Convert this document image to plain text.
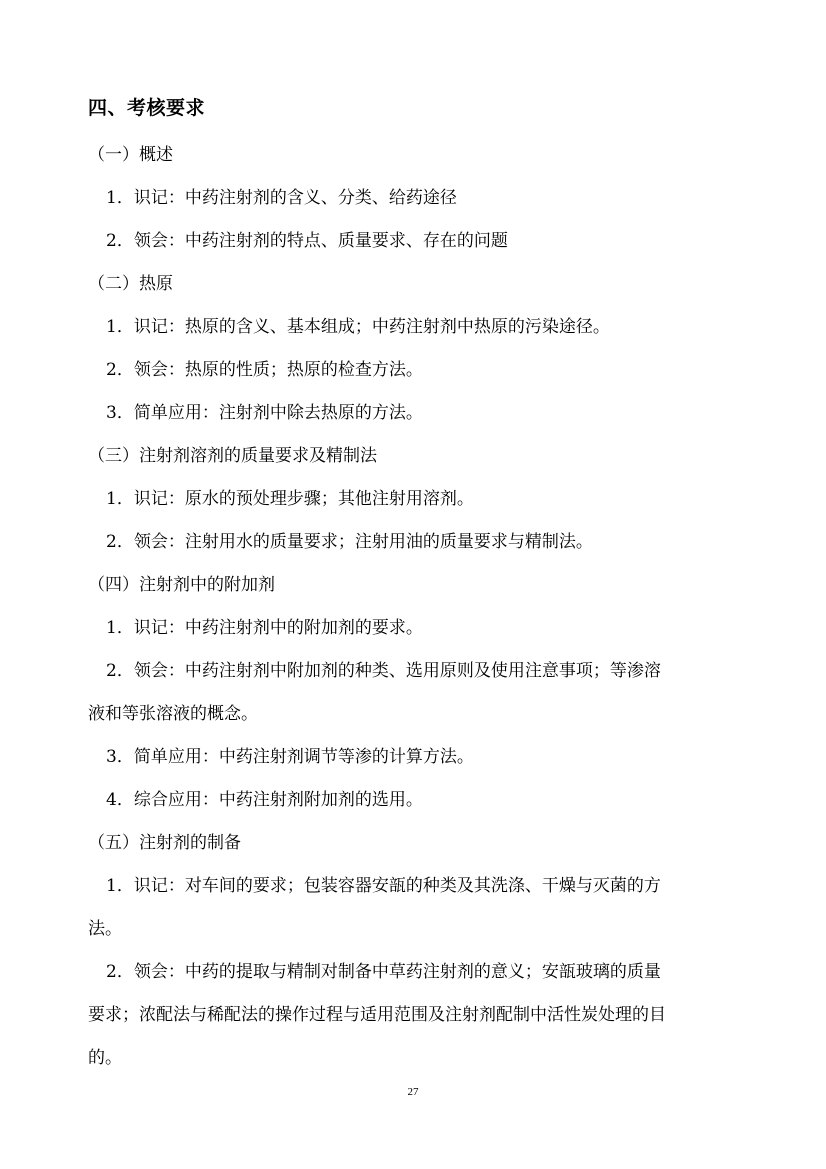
四、考核要求
（一）概述
1．识记：中药注射剂的含义、分类、给药途径
2．领会：中药注射剂的特点、质量要求、存在的问题
（二）热原
1．识记：热原的含义、基本组成；中药注射剂中热原的污染途径。
2．领会：热原的性质；热原的检查方法。
3．简单应用：注射剂中除去热原的方法。
（三）注射剂溶剂的质量要求及精制法
1．识记：原水的预处理步骤；其他注射用溶剂。
2．领会：注射用水的质量要求；注射用油的质量要求与精制法。
（四）注射剂中的附加剂
1．识记：中药注射剂中的附加剂的要求。
2．领会：中药注射剂中附加剂的种类、选用原则及使用注意事项；等渗溶
液和等张溶液的概念。
3．简单应用：中药注射剂调节等渗的计算方法。
4．综合应用：中药注射剂附加剂的选用。
（五）注射剂的制备
1．识记：对车间的要求；包装容器安瓿的种类及其洗涤、干燥与灭菌的方
法。
2．领会：中药的提取与精制对制备中草药注射剂的意义；安瓿玻璃的质量
要求；浓配法与稀配法的操作过程与适用范围及注射剂配制中活性炭处理的目
的。
27
